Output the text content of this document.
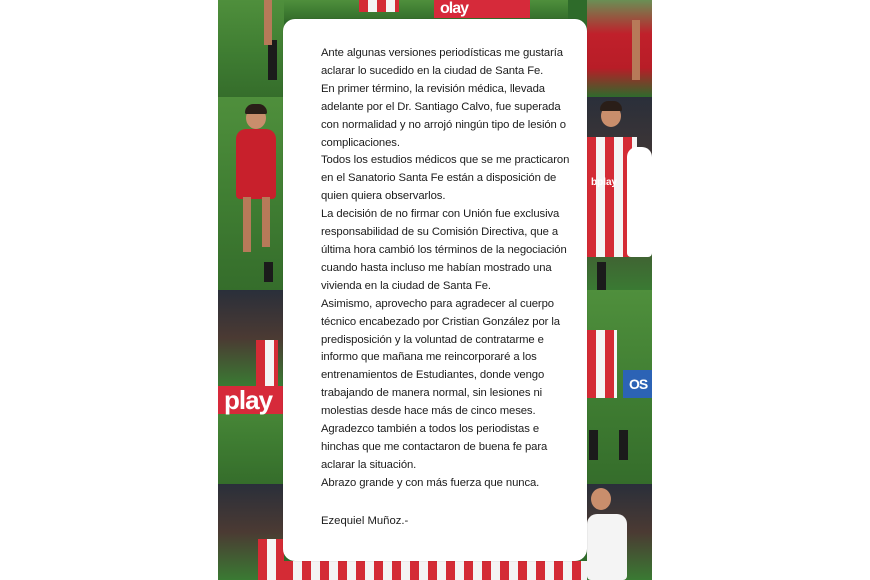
olay
play
bplay
OS

Ante algunas versiones periodísticas me gustaría aclarar lo sucedido en la ciudad de Santa Fe.

En primer término, la revisión médica, llevada adelante por el Dr. Santiago Calvo, fue superada con normalidad y no arrojó ningún tipo de lesión o complicaciones.

Todos los estudios médicos que se me practicaron en el Sanatorio Santa Fe están a disposición de quien quiera observarlos.

La decisión de no firmar con Unión fue exclusiva responsabilidad de su Comisión Directiva, que a última hora cambió los términos de la negociación cuando hasta incluso me habían mostrado una vivienda en la ciudad de Santa Fe.

Asimismo, aprovecho para agradecer al cuerpo técnico encabezado por Cristian González por la predisposición y la voluntad de contratarme e informo que mañana me reincorporaré a los entrenamientos de Estudiantes, donde vengo trabajando de manera normal, sin lesiones ni molestias desde hace más de cinco meses.

Agradezco también a todos los periodistas e hinchas que me contactaron de buena fe para aclarar la situación.

Abrazo grande y con más fuerza que nunca.

Ezequiel Muñoz.-
